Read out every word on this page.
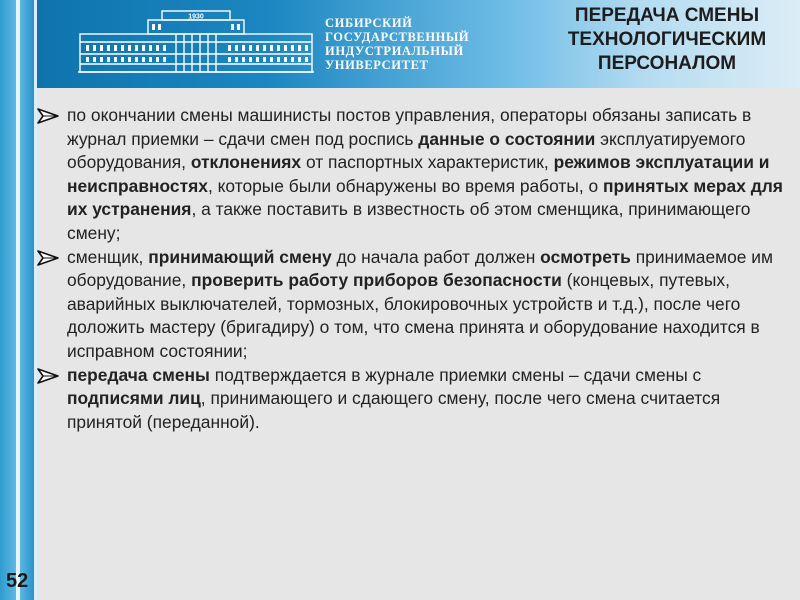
1930	СИБИРСКИЙ
ГОСУДАРСТВЕННЫЙ
ИНДУСТРИАЛЬНЫЙ
УНИВЕРСИТЕТ
ПЕРЕДАЧА СМЕНЫ
ТЕХНОЛОГИЧЕСКИМ
ПЕРСОНАЛОМ

по окончании смены машинисты постов управления, операторы обязаны записать в журнал приемки – сдачи смен под роспись данные о состоянии эксплуатируемого оборудования, отклонениях от паспортных характеристик, режимов эксплуатации и неисправностях, которые были обнаружены во время работы, о принятых мерах для их устранения, а также поставить в известность об этом сменщика, принимающего смену;

сменщик, принимающий смену до начала работ должен осмотреть принимаемое им оборудование, проверить работу приборов безопасности (концевых, путевых, аварийных выключателей, тормозных, блокировочных устройств и т.д.), после чего доложить мастеру (бригадиру) о том, что смена принята и оборудование находится в исправном состоянии;

передача смены подтверждается в журнале приемки смены – сдачи смены с подписями лиц, принимающего и сдающего смену, после чего смена считается принятой (переданной).

52
